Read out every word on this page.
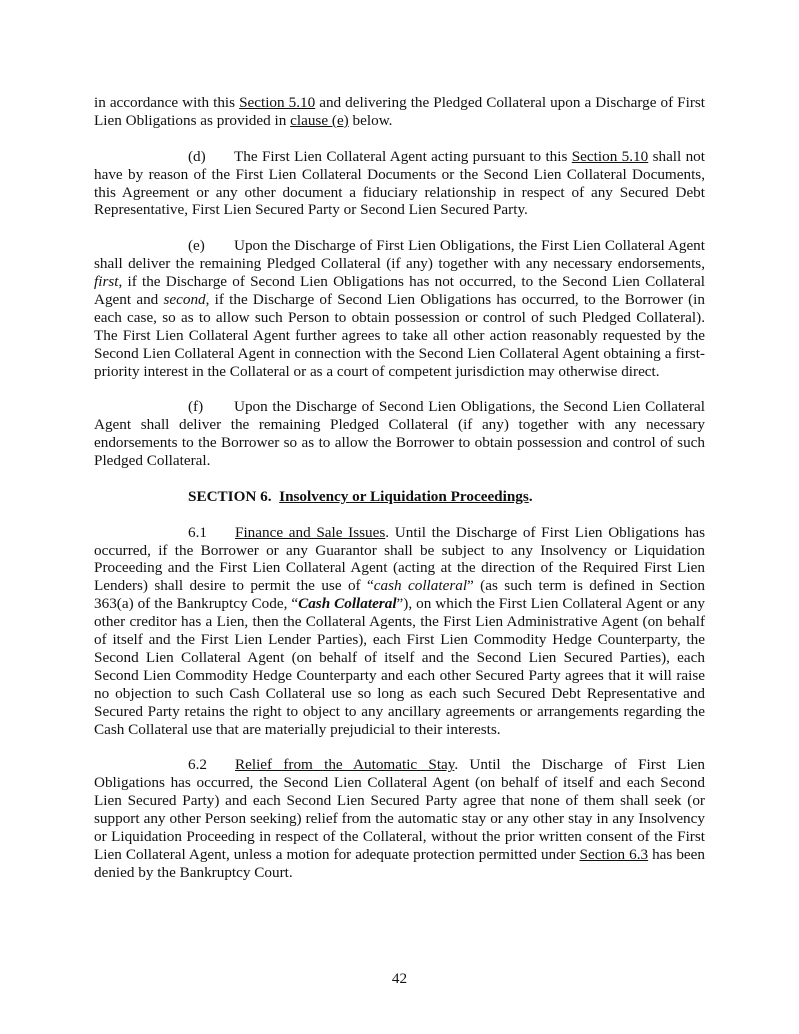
in accordance with this Section 5.10 and delivering the Pledged Collateral upon a Discharge of First Lien Obligations as provided in clause (e) below.

(d) The First Lien Collateral Agent acting pursuant to this Section 5.10 shall not have by reason of the First Lien Collateral Documents or the Second Lien Collateral Documents, this Agreement or any other document a fiduciary relationship in respect of any Secured Debt Representative, First Lien Secured Party or Second Lien Secured Party.

(e) Upon the Discharge of First Lien Obligations, the First Lien Collateral Agent shall deliver the remaining Pledged Collateral (if any) together with any necessary endorsements, first, if the Discharge of Second Lien Obligations has not occurred, to the Second Lien Collateral Agent and second, if the Discharge of Second Lien Obligations has occurred, to the Borrower (in each case, so as to allow such Person to obtain possession or control of such Pledged Collateral). The First Lien Collateral Agent further agrees to take all other action reasonably requested by the Second Lien Collateral Agent in connection with the Second Lien Collateral Agent obtaining a first-priority interest in the Collateral or as a court of competent jurisdiction may otherwise direct.

(f) Upon the Discharge of Second Lien Obligations, the Second Lien Collateral Agent shall deliver the remaining Pledged Collateral (if any) together with any necessary endorsements to the Borrower so as to allow the Borrower to obtain possession and control of such Pledged Collateral.

SECTION 6. Insolvency or Liquidation Proceedings.

6.1 Finance and Sale Issues. Until the Discharge of First Lien Obligations has occurred, if the Borrower or any Guarantor shall be subject to any Insolvency or Liquidation Proceeding and the First Lien Collateral Agent (acting at the direction of the Required First Lien Lenders) shall desire to permit the use of “cash collateral” (as such term is defined in Section 363(a) of the Bankruptcy Code, “Cash Collateral”), on which the First Lien Collateral Agent or any other creditor has a Lien, then the Collateral Agents, the First Lien Administrative Agent (on behalf of itself and the First Lien Lender Parties), each First Lien Commodity Hedge Counterparty, the Second Lien Collateral Agent (on behalf of itself and the Second Lien Secured Parties), each Second Lien Commodity Hedge Counterparty and each other Secured Party agrees that it will raise no objection to such Cash Collateral use so long as each such Secured Debt Representative and Secured Party retains the right to object to any ancillary agreements or arrangements regarding the Cash Collateral use that are materially prejudicial to their interests.

6.2 Relief from the Automatic Stay. Until the Discharge of First Lien Obligations has occurred, the Second Lien Collateral Agent (on behalf of itself and each Second Lien Secured Party) and each Second Lien Secured Party agree that none of them shall seek (or support any other Person seeking) relief from the automatic stay or any other stay in any Insolvency or Liquidation Proceeding in respect of the Collateral, without the prior written consent of the First Lien Collateral Agent, unless a motion for adequate protection permitted under Section 6.3 has been denied by the Bankruptcy Court.

42
